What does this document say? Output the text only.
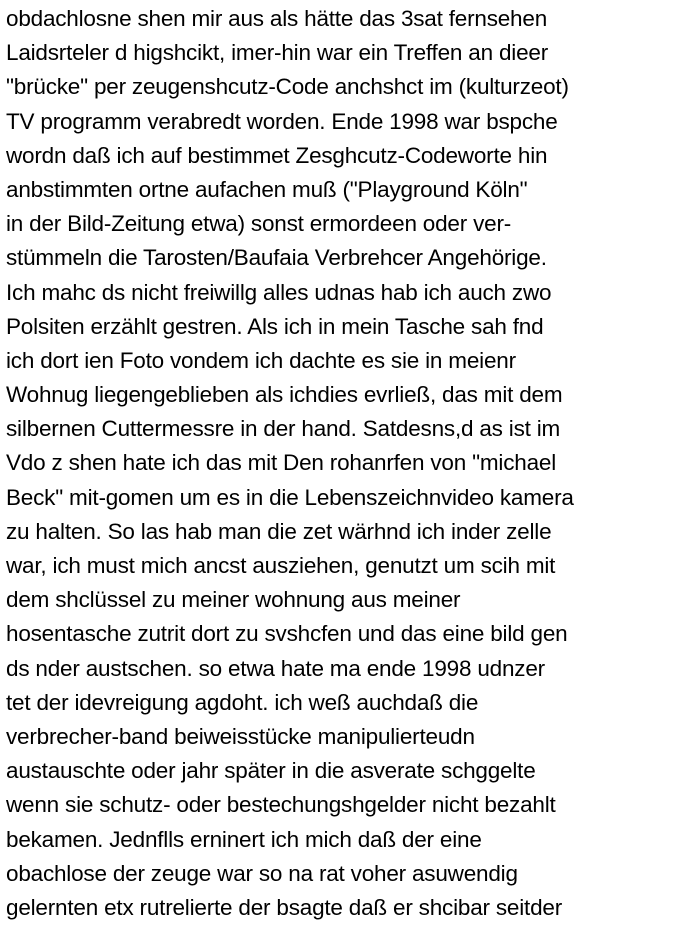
obdachlosne shen mir aus als hätte das 3sat fernsehen
Laidsrteler d higshcikt, imer-hin war ein Treffen an dieer
"brücke" per zeugenshcutz-Code anchshct im (kulturzeot)
TV programm verabredt worden. Ende 1998 war bspche
wordn daß ich auf bestimmet Zesghcutz-Codeworte hin
anbstimmten ortne aufachen muß ("Playground Köln"
in der Bild-Zeitung etwa) sonst ermordeen oder ver-
stümmeln die Tarosten/Baufaia Verbrehcer Angehörige.
Ich mahc ds nicht freiwillg alles udnas hab ich auch zwo
Polsiten erzählt gestren. Als ich in mein Tasche sah fnd
ich dort ien Foto vondem ich dachte es sie in meienr
Wohnug liegengeblieben als ichdies evrließ, das mit dem
silbernen Cuttermessre in der hand. Satdesns,d as ist im
Vdo z shen hate ich das mit Den rohanrfen von "michael
Beck" mit-gomen um es in die Lebenszeichnvideo kamera
zu halten. So las hab man die zet wärhnd ich inder zelle
war, ich must mich ancst ausziehen, genutzt um scih mit
dem shclüssel zu meiner wohnung aus meiner
hosentasche zutrit dort zu svshcfen und das eine bild gen
ds nder austschen. so etwa hate ma ende 1998 udnzer
tet der idevreigung agdoht. ich weß auchdaß die
verbrecher-band beiweisstücke manipulierteudn
austauschte oder jahr später in die asverate schggelte
wenn sie schutz- oder bestechungshgelder nicht bezahlt
bekamen. Jednflls erninert ich mich daß der eine
obachlose der zeuge war so na rat voher asuwendig
gelernten etx rutrelierte der bsagte daß er shcibar seitder
